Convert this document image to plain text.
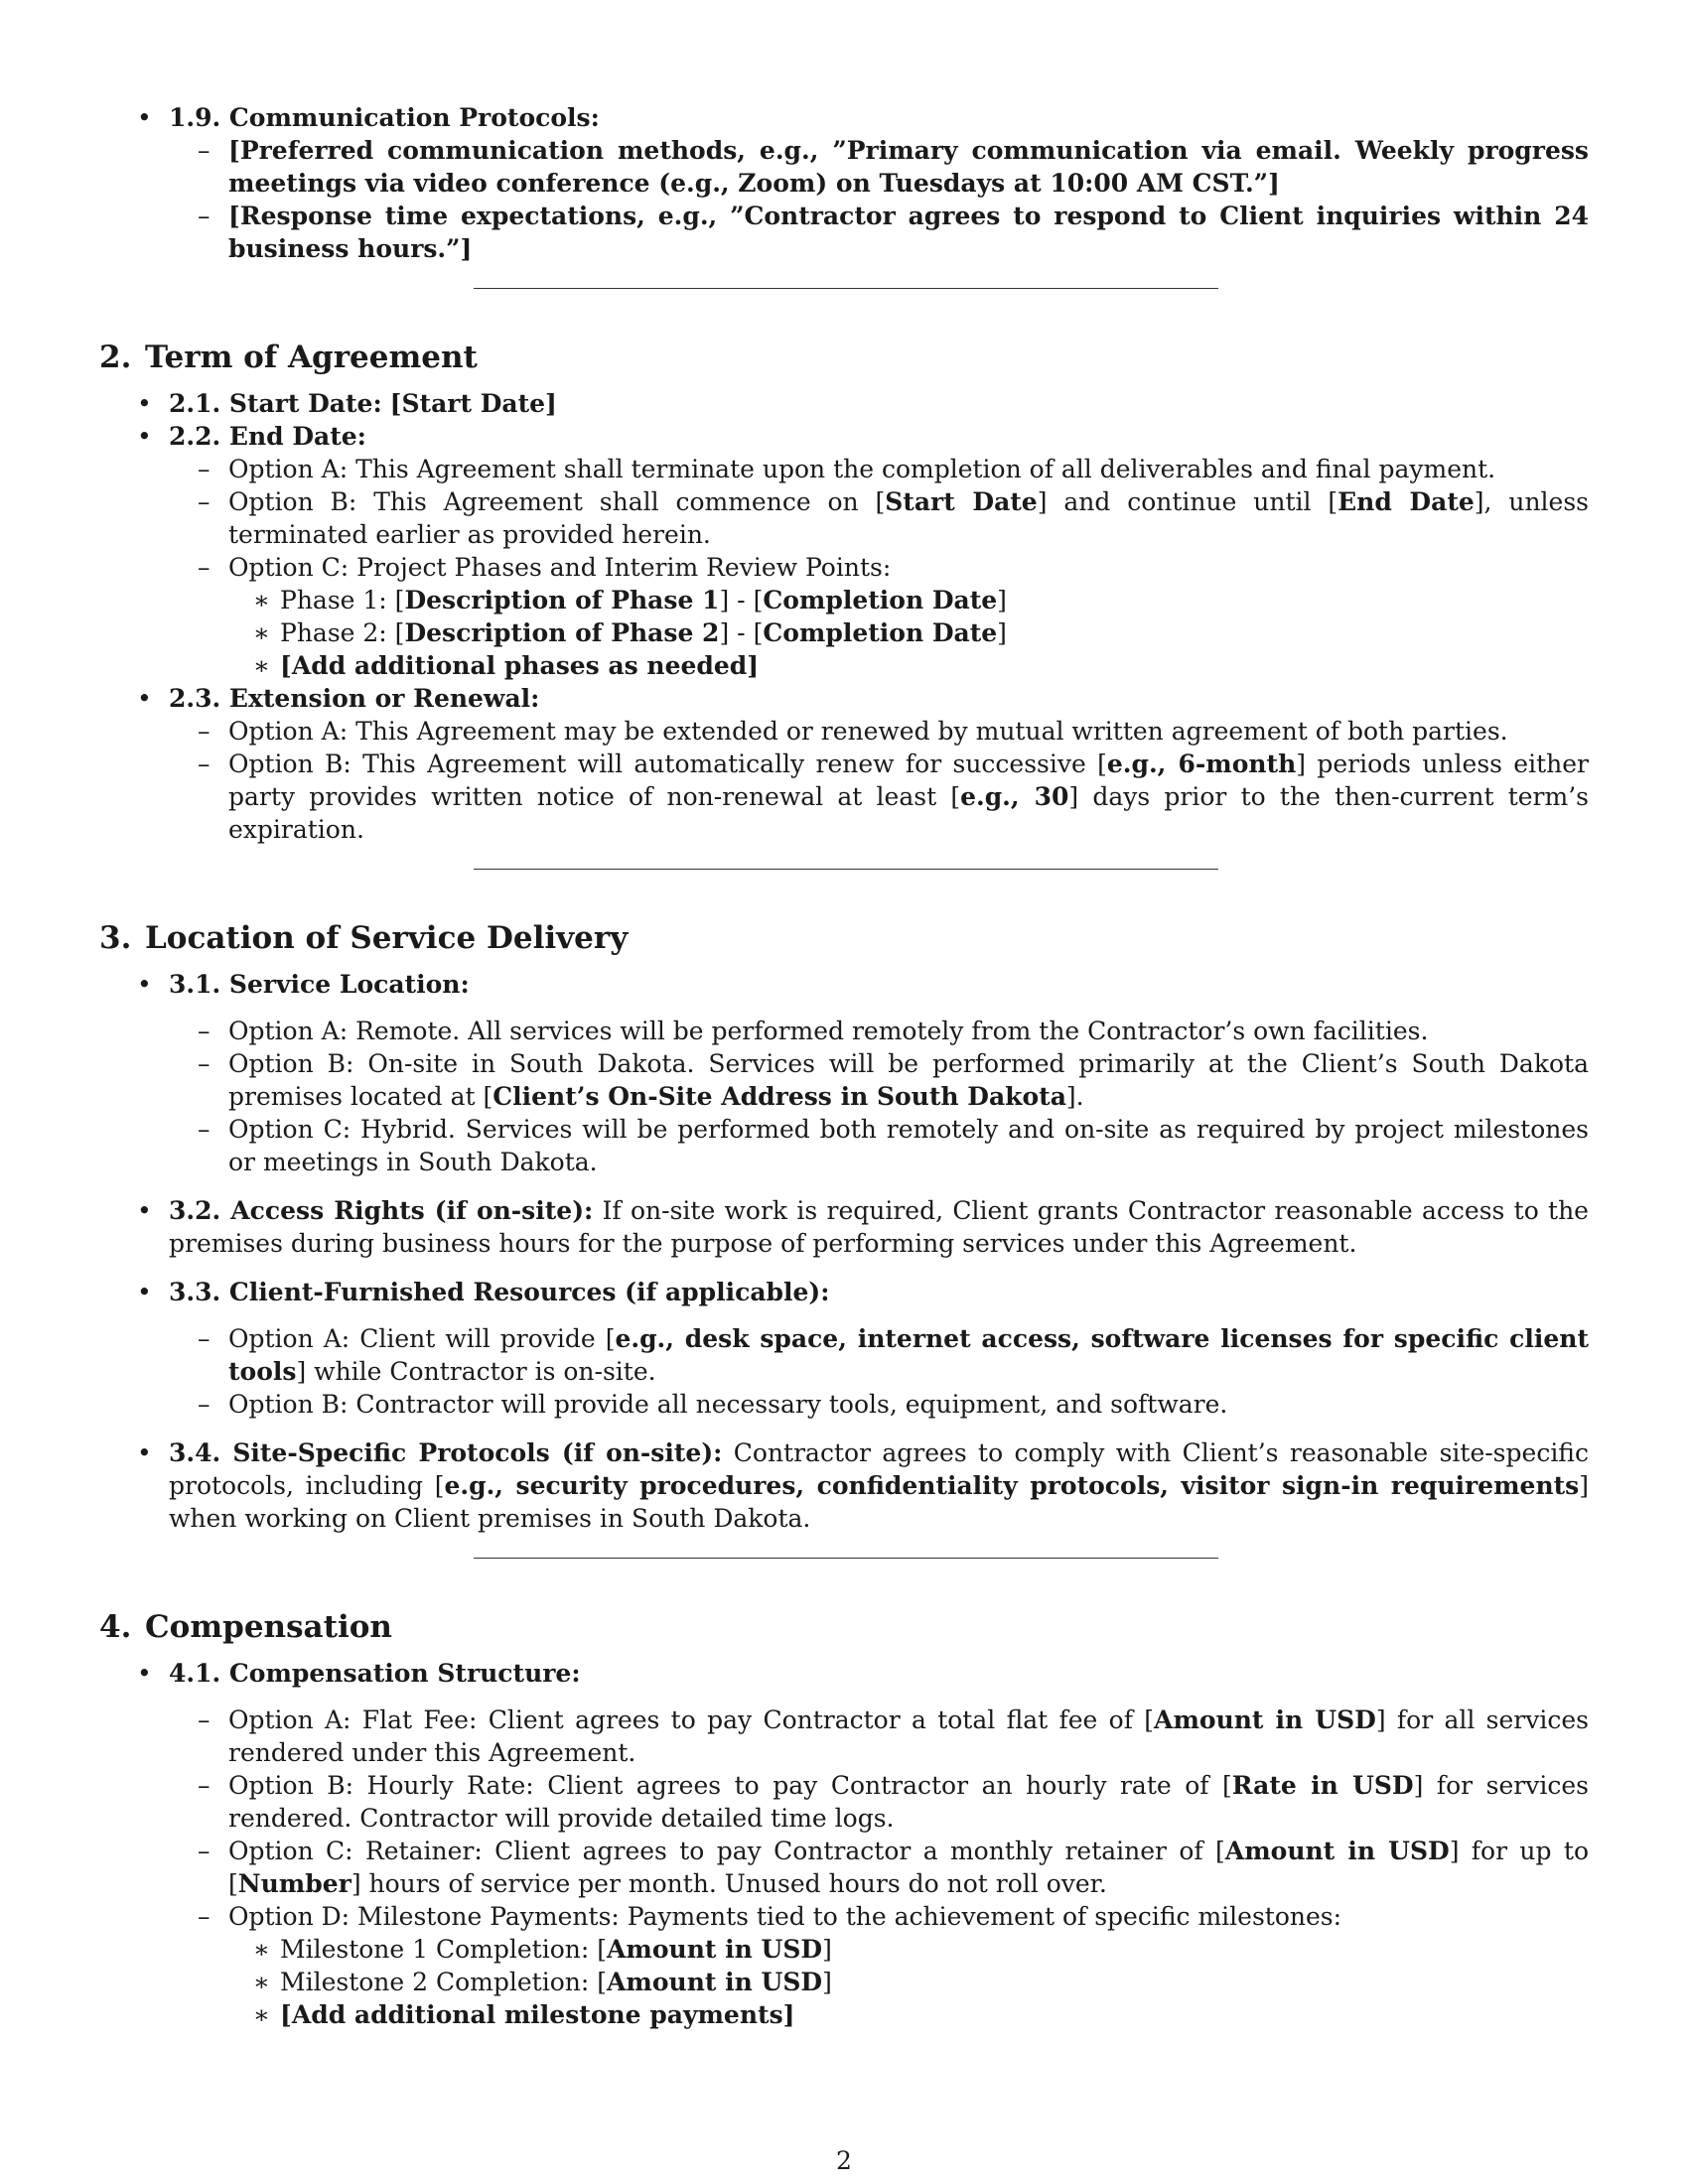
• 1.9. Communication Protocols:
– [Preferred communication methods, e.g., ”Primary communication via email. Weekly progress meetings via video conference (e.g., Zoom) on Tuesdays at 10:00 AM CST.”]
– [Response time expectations, e.g., ”Contractor agrees to respond to Client inquiries within 24 business hours.”]
2. Term of Agreement
• 2.1. Start Date: [Start Date]
• 2.2. End Date:
– Option A: This Agreement shall terminate upon the completion of all deliverables and final payment.
– Option B: This Agreement shall commence on [Start Date] and continue until [End Date], unless terminated earlier as provided herein.
– Option C: Project Phases and Interim Review Points:
∗ Phase 1: [Description of Phase 1] - [Completion Date]
∗ Phase 2: [Description of Phase 2] - [Completion Date]
∗ [Add additional phases as needed]
• 2.3. Extension or Renewal:
– Option A: This Agreement may be extended or renewed by mutual written agreement of both parties.
– Option B: This Agreement will automatically renew for successive [e.g., 6-month] periods unless either party provides written notice of non-renewal at least [e.g., 30] days prior to the then-current term’s expiration.
3. Location of Service Delivery
• 3.1. Service Location:
– Option A: Remote. All services will be performed remotely from the Contractor’s own facilities.
– Option B: On-site in South Dakota. Services will be performed primarily at the Client’s South Dakota premises located at [Client’s On-Site Address in South Dakota].
– Option C: Hybrid. Services will be performed both remotely and on-site as required by project milestones or meetings in South Dakota.
• 3.2. Access Rights (if on-site): If on-site work is required, Client grants Contractor reasonable access to the premises during business hours for the purpose of performing services under this Agreement.
• 3.3. Client-Furnished Resources (if applicable):
– Option A: Client will provide [e.g., desk space, internet access, software licenses for specific client tools] while Contractor is on-site.
– Option B: Contractor will provide all necessary tools, equipment, and software.
• 3.4. Site-Specific Protocols (if on-site): Contractor agrees to comply with Client’s reasonable site-specific protocols, including [e.g., security procedures, confidentiality protocols, visitor sign-in requirements] when working on Client premises in South Dakota.
4. Compensation
• 4.1. Compensation Structure:
– Option A: Flat Fee: Client agrees to pay Contractor a total flat fee of [Amount in USD] for all services rendered under this Agreement.
– Option B: Hourly Rate: Client agrees to pay Contractor an hourly rate of [Rate in USD] for services rendered. Contractor will provide detailed time logs.
– Option C: Retainer: Client agrees to pay Contractor a monthly retainer of [Amount in USD] for up to [Number] hours of service per month. Unused hours do not roll over.
– Option D: Milestone Payments: Payments tied to the achievement of specific milestones:
∗ Milestone 1 Completion: [Amount in USD]
∗ Milestone 2 Completion: [Amount in USD]
∗ [Add additional milestone payments]
2
